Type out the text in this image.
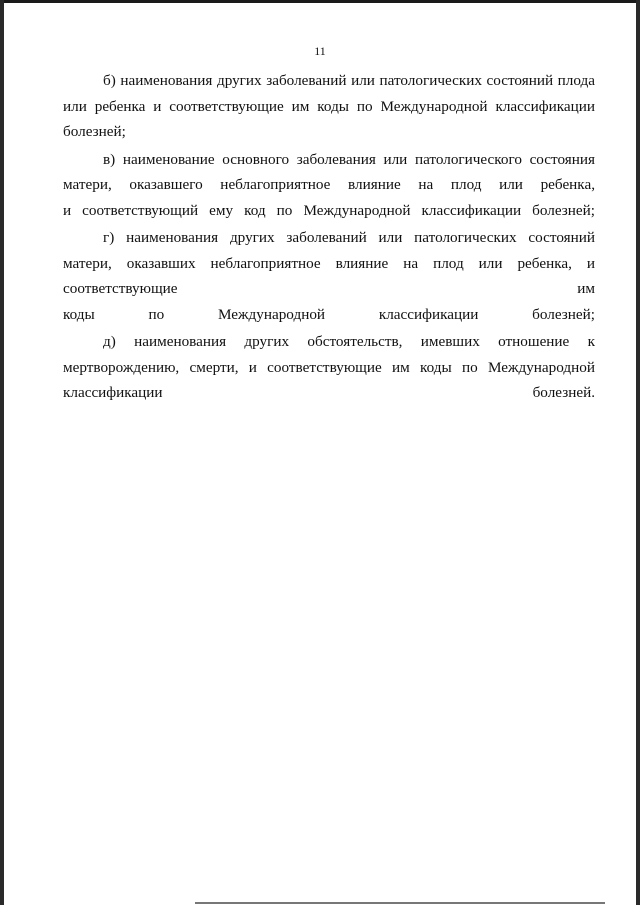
11

б) наименования других заболеваний или патологических состояний плода или ребенка и соответствующие им коды по Международной классификации
болезней;

в) наименование основного заболевания или патологического состояния матери, оказавшего неблагоприятное влияние на плод или ребенка,
и соответствующий ему код по Международной классификации болезней;

г) наименования других заболеваний или патологических состояний матери, оказавших неблагоприятное влияние на плод или ребенка, и соответствующие им
коды по Международной классификации болезней;

д) наименования других обстоятельств, имевших отношение к мертворождению, смерти, и соответствующие им коды по Международной
классификации болезней.
